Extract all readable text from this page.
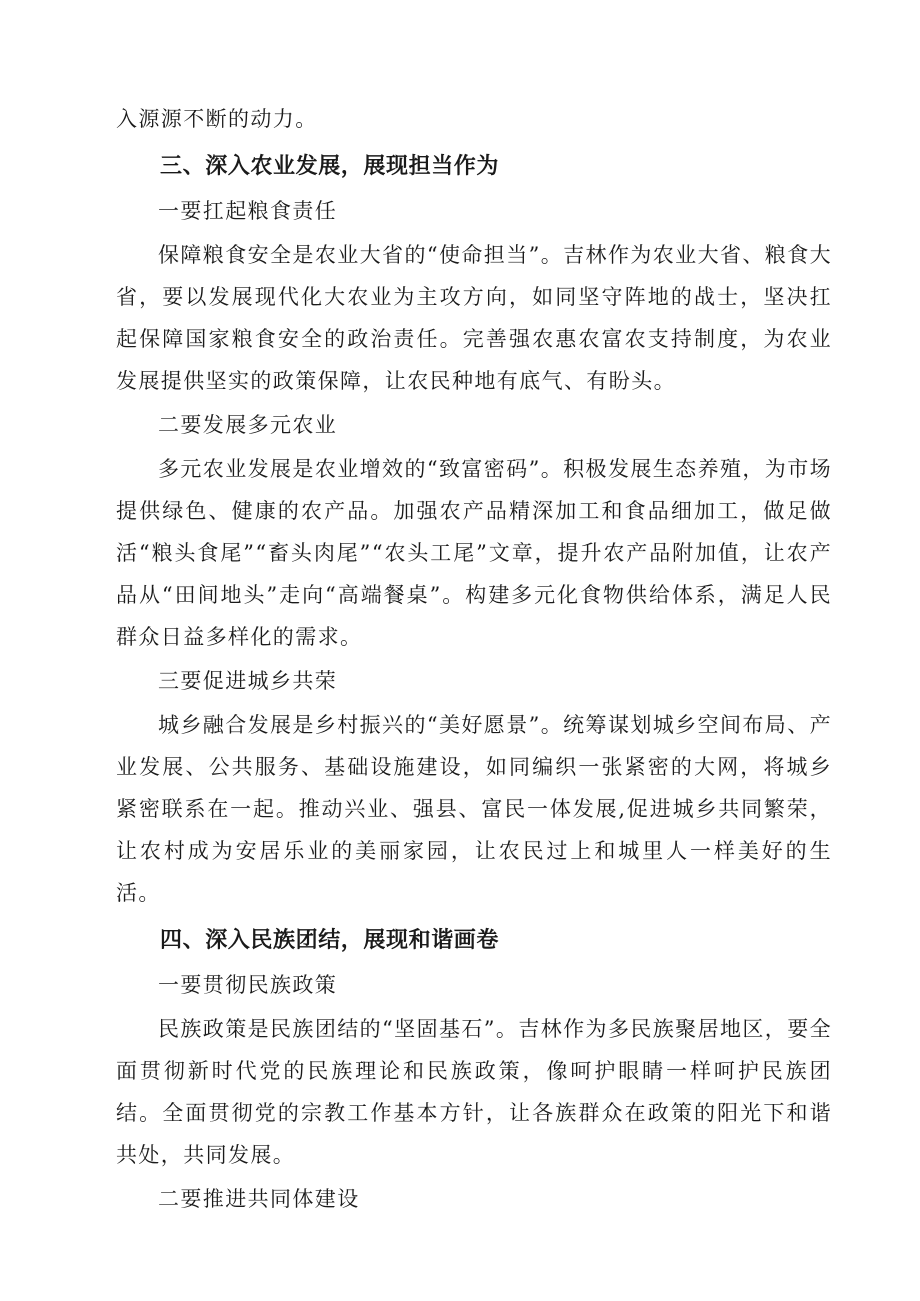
入源源不断的动力。

三、深入农业发展，展现担当作为

一要扛起粮食责任

保障粮食安全是农业大省的“使命担当”。吉林作为农业大省、粮食大省，要以发展现代化大农业为主攻方向，如同坚守阵地的战士，坚决扛起保障国家粮食安全的政治责任。完善强农惠农富农支持制度，为农业发展提供坚实的政策保障，让农民种地有底气、有盼头。

二要发展多元农业

多元农业发展是农业增效的“致富密码”。积极发展生态养殖，为市场提供绿色、健康的农产品。加强农产品精深加工和食品细加工，做足做活“粮头食尾”“畜头肉尾”“农头工尾”文章，提升农产品附加值，让农产品从“田间地头”走向“高端餐桌”。构建多元化食物供给体系，满足人民群众日益多样化的需求。

三要促进城乡共荣

城乡融合发展是乡村振兴的“美好愿景”。统筹谋划城乡空间布局、产业发展、公共服务、基础设施建设，如同编织一张紧密的大网，将城乡紧密联系在一起。推动兴业、强县、富民一体发展,促进城乡共同繁荣，让农村成为安居乐业的美丽家园，让农民过上和城里人一样美好的生活。

四、深入民族团结，展现和谐画卷

一要贯彻民族政策

民族政策是民族团结的“坚固基石”。吉林作为多民族聚居地区，要全面贯彻新时代党的民族理论和民族政策，像呵护眼睛一样呵护民族团结。全面贯彻党的宗教工作基本方针，让各族群众在政策的阳光下和谐共处，共同发展。

二要推进共同体建设
